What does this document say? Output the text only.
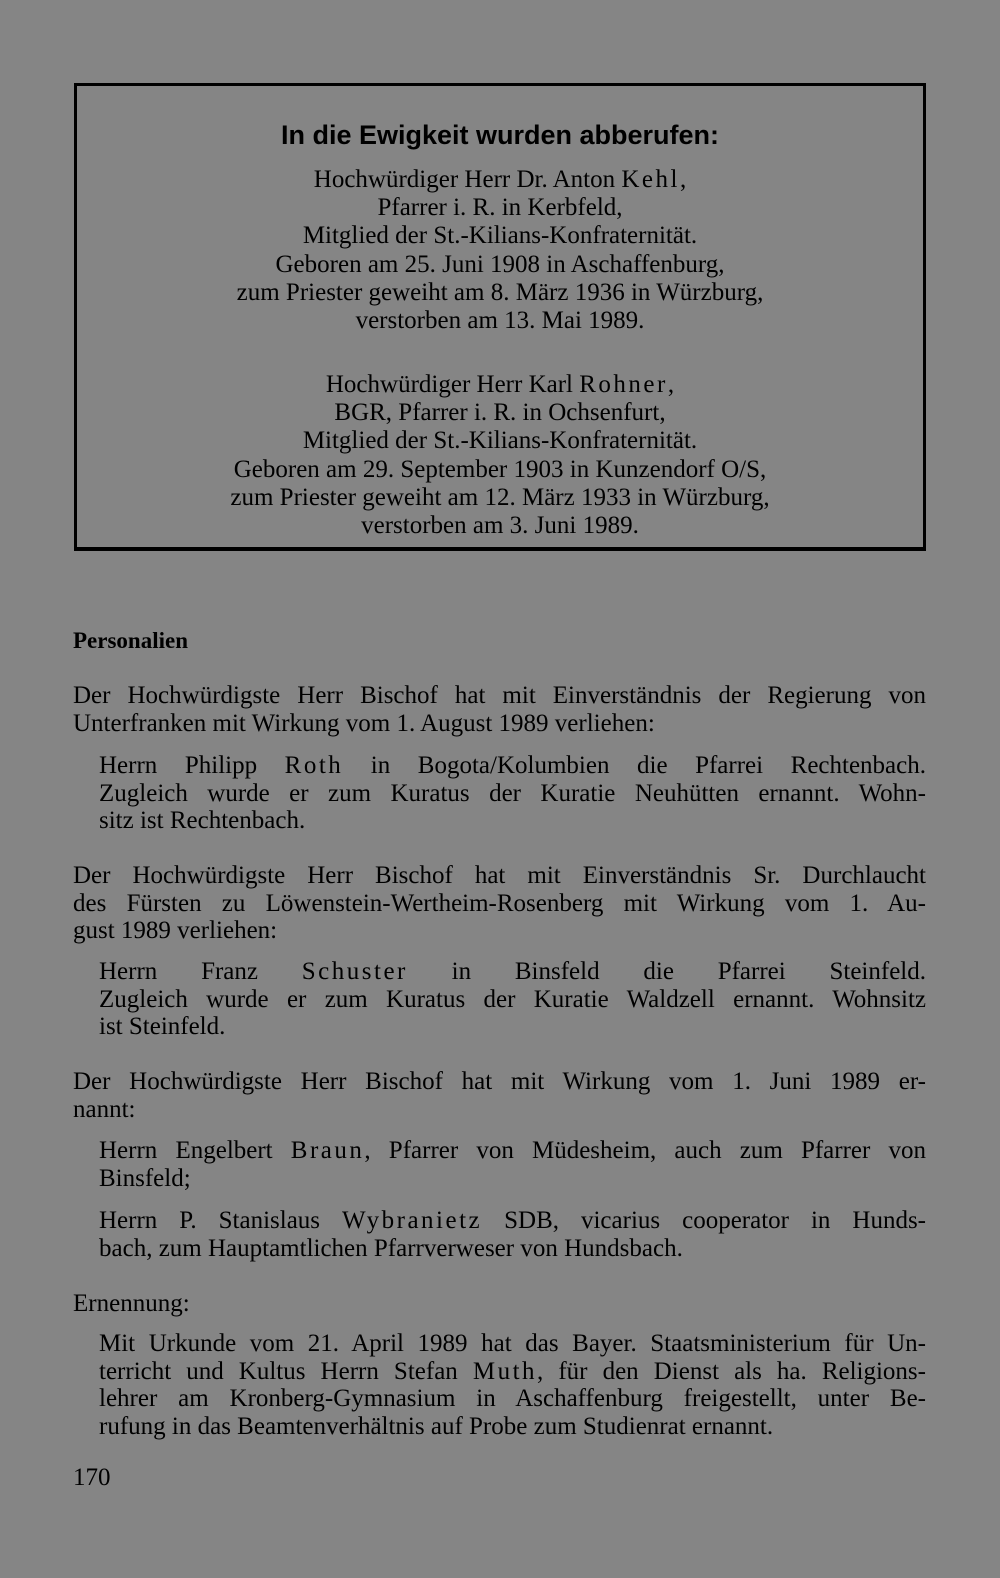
In die Ewigkeit wurden abberufen:
Hochwürdiger Herr Dr. Anton Kehl,
Pfarrer i. R. in Kerbfeld,
Mitglied der St.-Kilians-Konfraternität.
Geboren am 25. Juni 1908 in Aschaffenburg,
zum Priester geweiht am 8. März 1936 in Würzburg,
verstorben am 13. Mai 1989.
Hochwürdiger Herr Karl Rohner,
BGR, Pfarrer i. R. in Ochsenfurt,
Mitglied der St.-Kilians-Konfraternität.
Geboren am 29. September 1903 in Kunzendorf O/S,
zum Priester geweiht am 12. März 1933 in Würzburg,
verstorben am 3. Juni 1989.
Personalien

Der Hochwürdigste Herr Bischof hat mit Einverständnis der Regierung von
Unterfranken mit Wirkung vom 1. August 1989 verliehen:

Herrn Philipp Roth in Bogota/Kolumbien die Pfarrei Rechtenbach.
Zugleich wurde er zum Kuratus der Kuratie Neuhütten ernannt. Wohn-
sitz ist Rechtenbach.

Der Hochwürdigste Herr Bischof hat mit Einverständnis Sr. Durchlaucht
des Fürsten zu Löwenstein-Wertheim-Rosenberg mit Wirkung vom 1. Au-
gust 1989 verliehen:

Herrn Franz Schuster in Binsfeld die Pfarrei Steinfeld.
Zugleich wurde er zum Kuratus der Kuratie Waldzell ernannt. Wohnsitz
ist Steinfeld.

Der Hochwürdigste Herr Bischof hat mit Wirkung vom 1. Juni 1989 er-
nannt:

Herrn Engelbert Braun, Pfarrer von Müdesheim, auch zum Pfarrer von
Binsfeld;

Herrn P. Stanislaus Wybranietz SDB, vicarius cooperator in Hunds-
bach, zum Hauptamtlichen Pfarrverweser von Hundsbach.

Ernennung:

Mit Urkunde vom 21. April 1989 hat das Bayer. Staatsministerium für Un-
terricht und Kultus Herrn Stefan Muth, für den Dienst als ha. Religions-
lehrer am Kronberg-Gymnasium in Aschaffenburg freigestellt, unter Be-
rufung in das Beamtenverhältnis auf Probe zum Studienrat ernannt.

170
